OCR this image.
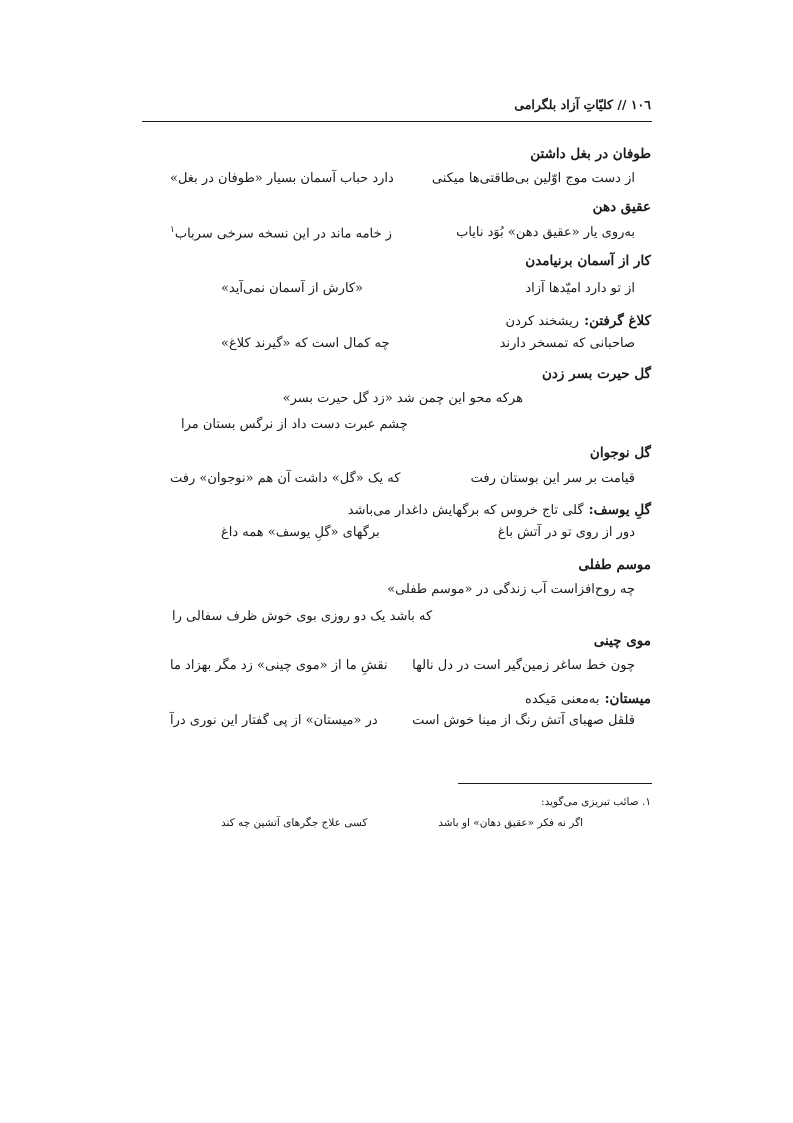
١٠٦ // کلیّاتِ آزاد بلگرامی
طوفان در بغل داشتن
از دست موج اوّلین بی‌طاقتی‌ها میکنی
دارد حباب آسمان بسیار «طوفان در بغل»
عقیق دهن
به‌روی یار «عقیق دهن» بُوَد نایاب
ز خامه ماند در این نسخه سرخی سرباب$^١$
کار از آسمان برنیامدن
از تو دارد امیّدها آزاد
«کارش از آسمان نمی‌آید»
کلاغ گرفتن: ریشخند کردن
صاحبانی که تمسخر دارند
چه کمال است که «گیرند کلاغ»
گل حیرت بسر زدن
هرکه محو این چمن شد «زد گل حیرت بسر»
چشم عبرت دست داد از نرگس بستان مرا
گل نوجوان
قیامت بر سر این بوستان رفت
که یک «گل» داشت آن هم «نوجوان» رفت
گلِ یوسف: گلی تاج خروس که برگهایش داغدار می‌باشد
دور از روی تو در آتش باغ
برگهای «گلِ یوسف» همه داغ
موسم طفلی
چه روح‌افزاست آب زندگی در «موسم طفلی»
که باشد یک دو روزی بوی خوش ظرف سفالی را
موی چینی
چون خط ساغر زمین‌گیر است در دل نالها
نقشِ ما از «موی چینی» زد مگر بهزاد ما
میستان: به‌معنی مَیکده
قلقل صهبای آتش رنگ از مینا خوش است
در «میستان» از پی گفتار این نوری درآ
١. صائب تبریزی می‌گوید:
اگر نه فکر «عقیق دهان» او باشد
کسی علاج جگرهای آتشین چه کند
